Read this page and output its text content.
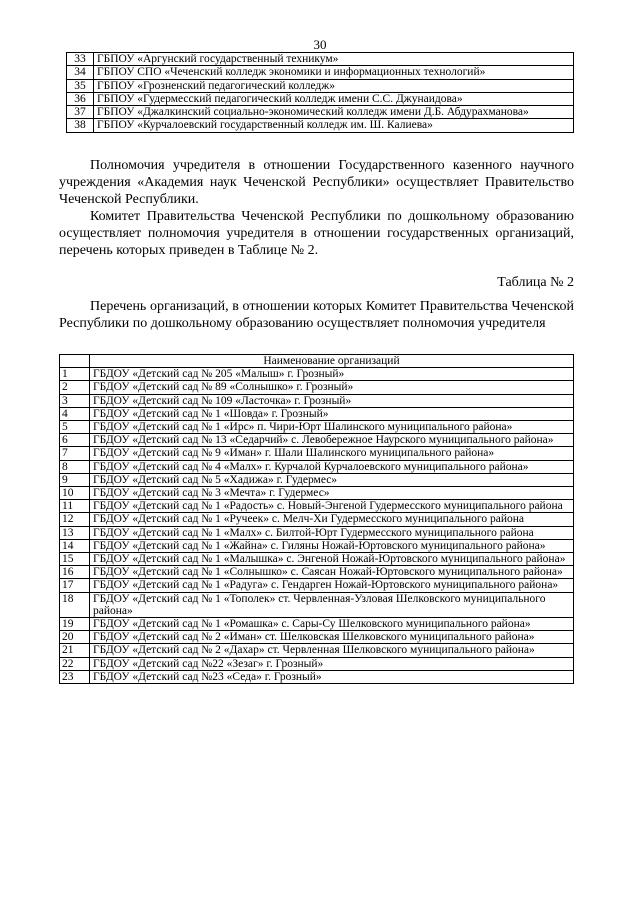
30
33	ГБПОУ «Аргунский государственный техникум»
34	ГБПОУ СПО «Чеченский колледж экономики и информационных технологий»
35	ГБПОУ «Грозненский педагогический колледж»
36	ГБПОУ «Гудермесский педагогический колледж имени С.С. Джунаидова»
37	ГБПОУ «Джалкинский социально-экономический колледж имени Д.Б. Абдурахманова»
38	ГБПОУ «Курчалоевский государственный колледж им. Ш. Калиева»

Полномочия учредителя в отношении Государственного казенного научного учреждения «Академия наук Чеченской Республики» осуществляет Правительство Чеченской Республики.

Комитет Правительства Чеченской Республики по дошкольному образованию осуществляет полномочия учредителя в отношении государственных организаций, перечень которых приведен в Таблице № 2.

Таблица № 2

Перечень организаций, в отношении которых Комитет Правительства Чеченской Республики по дошкольному образованию осуществляет полномочия учредителя

	Наименование организаций
1	ГБДОУ «Детский сад № 205 «Малыш» г. Грозный»
2	ГБДОУ «Детский сад № 89 «Солнышко» г. Грозный»
3	ГБДОУ «Детский сад № 109 «Ласточка» г. Грозный»
4	ГБДОУ «Детский сад № 1 «Шовда» г. Грозный»
5	ГБДОУ «Детский сад № 1 «Ирс» п. Чири-Юрт Шалинского муниципального района»
6	ГБДОУ «Детский сад № 13 «Седарчий» с. Левобережное Наурского муниципального района»
7	ГБДОУ «Детский сад № 9 «Иман» г. Шали Шалинского муниципального района»
8	ГБДОУ «Детский сад № 4 «Малх» г. Курчалой Курчалоевского муниципального района»
9	ГБДОУ «Детский сад № 5 «Хадижа» г. Гудермес»
10	ГБДОУ «Детский сад № 3 «Мечта» г. Гудермес»
11	ГБДОУ «Детский сад № 1 «Радость» с. Новый-Энгеной Гудермесского муниципального района
12	ГБДОУ «Детский сад № 1 «Ручеек» с. Мелч-Хи Гудермесского муниципального района
13	ГБДОУ «Детский сад № 1 «Малх» с. Билтой-Юрт Гудермесского муниципального района
14	ГБДОУ «Детский сад № 1 «Жайна» с. Гиляны Ножай-Юртовского муниципального района»
15	ГБДОУ «Детский сад № 1 «Малышка» с. Энгеной Ножай-Юртовского муниципального района»
16	ГБДОУ «Детский сад № 1 «Солнышко» с. Саясан Ножай-Юртовского муниципального района»
17	ГБДОУ «Детский сад № 1 «Радуга» с. Гендарген Ножай-Юртовского муниципального района»
18	ГБДОУ «Детский сад № 1 «Тополек» ст. Червленная-Узловая Шелковского муниципального района»
19	ГБДОУ «Детский сад № 1 «Ромашка» с. Сары-Су Шелковского муниципального района»
20	ГБДОУ «Детский сад № 2 «Иман» ст. Шелковская Шелковского муниципального района»
21	ГБДОУ «Детский сад № 2 «Дахар» ст. Червленная Шелковского муниципального района»
22	ГБДОУ «Детский сад №22 «Зезаг» г. Грозный»
23	ГБДОУ «Детский сад №23 «Седа» г. Грозный»
